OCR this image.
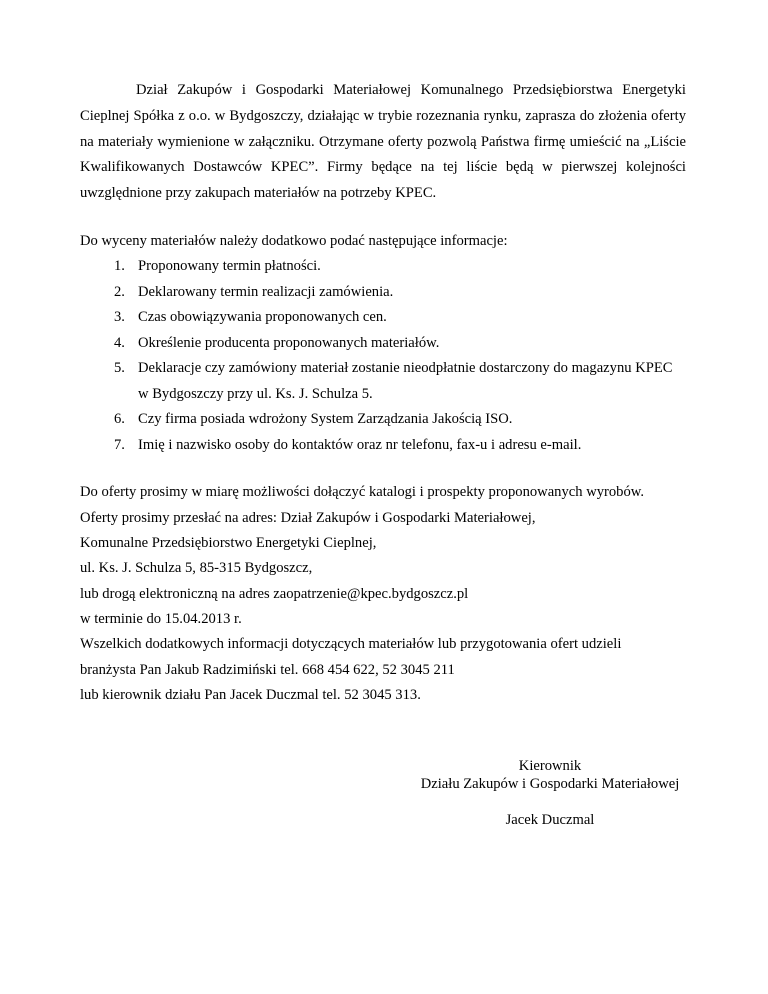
Dział Zakupów i Gospodarki Materiałowej Komunalnego Przedsiębiorstwa Energetyki Cieplnej Spółka z o.o. w Bydgoszczy, działając w trybie rozeznania rynku, zaprasza do złożenia oferty na materiały wymienione w załączniku. Otrzymane oferty pozwolą Państwa firmę umieścić na „Liście Kwalifikowanych Dostawców KPEC”. Firmy będące na tej liście będą w pierwszej kolejności uwzględnione przy zakupach materiałów na potrzeby KPEC.

Do wyceny materiałów należy dodatkowo podać następujące informacje:

1. Proponowany termin płatności.
2. Deklarowany termin realizacji zamówienia.
3. Czas obowiązywania proponowanych cen.
4. Określenie producenta proponowanych materiałów.
5. Deklaracje czy zamówiony materiał zostanie nieodpłatnie dostarczony do magazynu KPEC w Bydgoszczy przy ul. Ks. J. Schulza 5.
6. Czy firma posiada wdrożony System Zarządzania Jakością ISO.
7. Imię i nazwisko osoby do kontaktów oraz nr telefonu, fax-u i adresu e-mail.

Do oferty prosimy w miarę możliwości dołączyć katalogi i prospekty proponowanych wyrobów.

Oferty prosimy przesłać na adres: Dział Zakupów i Gospodarki Materiałowej,

Komunalne Przedsiębiorstwo Energetyki Cieplnej,

ul. Ks. J. Schulza 5, 85-315 Bydgoszcz,

lub drogą elektroniczną na adres zaopatrzenie@kpec.bydgoszcz.pl

w terminie do 15.04.2013 r.

Wszelkich dodatkowych informacji dotyczących materiałów lub przygotowania ofert udzieli

branżysta Pan Jakub Radzimiński tel. 668 454 622, 52 3045 211

lub kierownik działu Pan Jacek Duczmal tel. 52 3045 313.

Kierownik
Działu Zakupów i Gospodarki Materiałowej
Jacek Duczmal
